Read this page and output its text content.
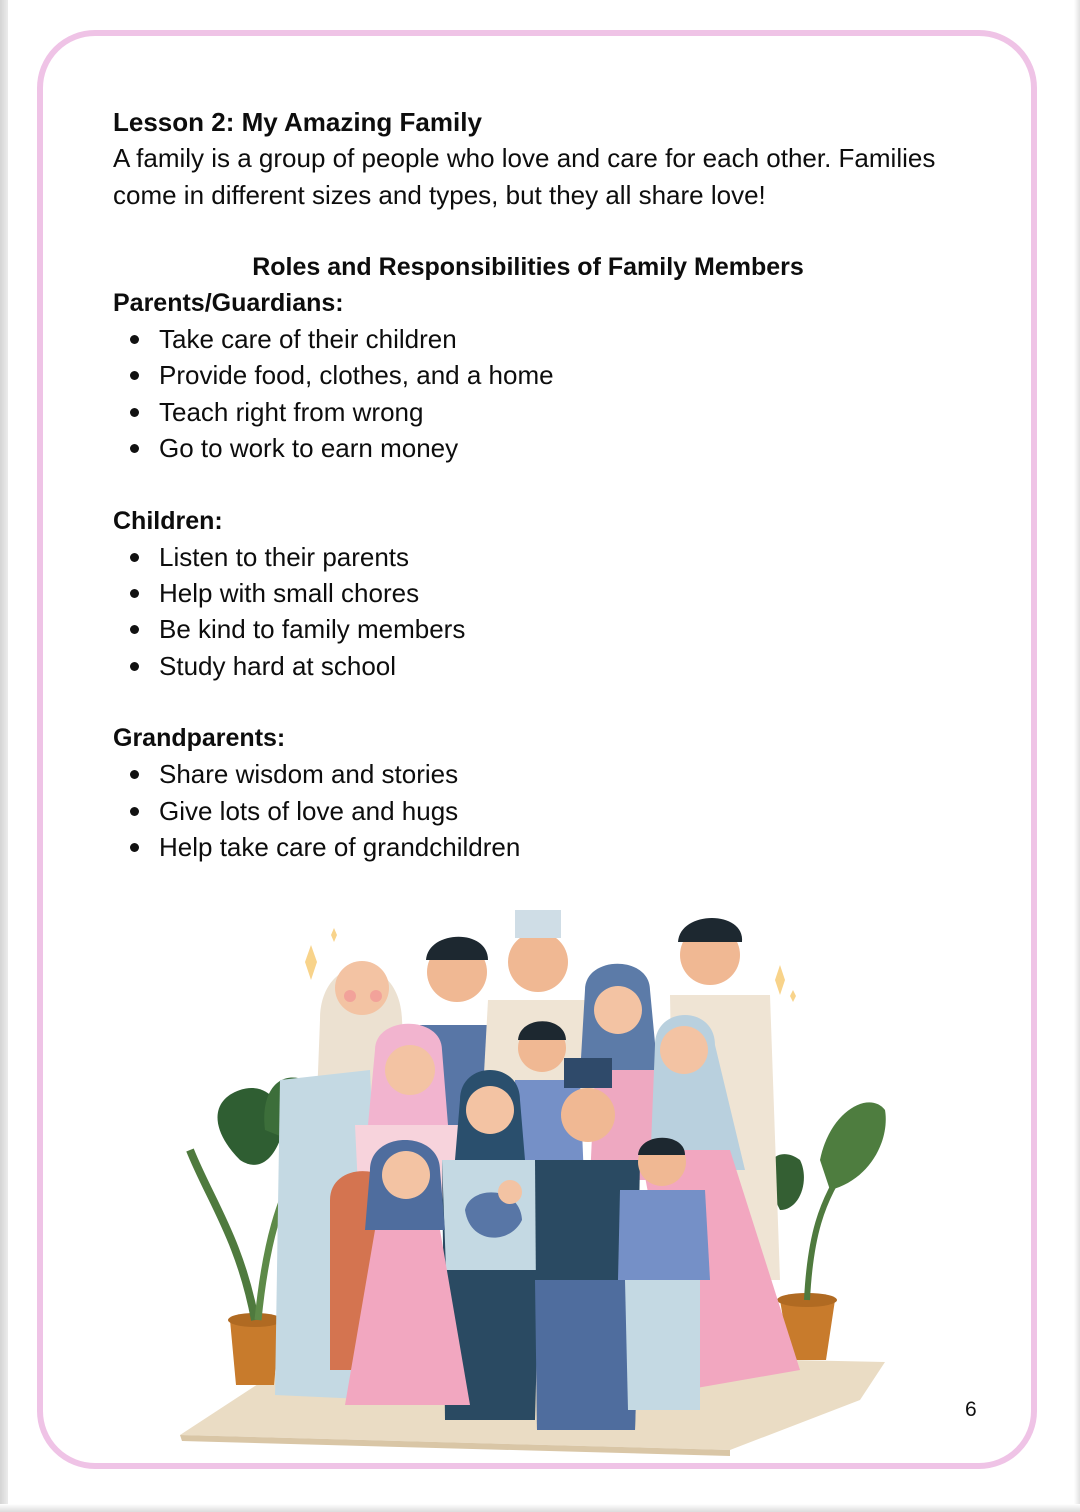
Lesson 2: My Amazing Family

A family is a group of people who love and care for each other. Families come in different sizes and types, but they all share love!

Roles and Responsibilities of Family Members
Parents/Guardians:
Take care of their children
Provide food, clothes, and a home
Teach right from wrong
Go to work to earn money
Children:
Listen to their parents
Help with small chores
Be kind to family members
Study hard at school
Grandparents:
Share wisdom and stories
Give lots of love and hugs
Help take care of grandchildren
6
